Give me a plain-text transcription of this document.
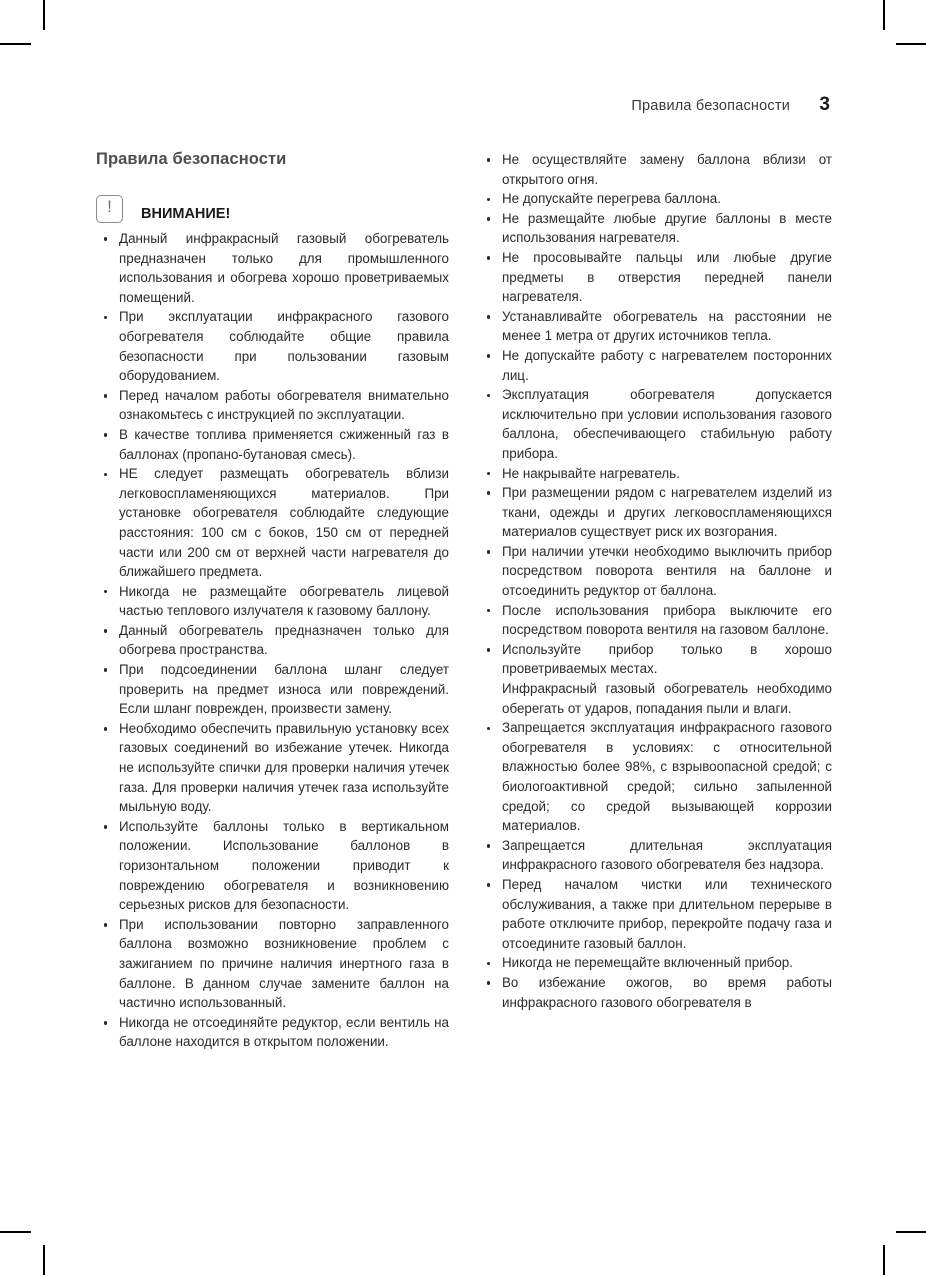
Правила безопасности 3
Правила безопасности
!	ВНИМАНИЕ!
Данный инфракрасный газовый обогреватель предназначен только для промышленного использования и обогрева хорошо проветриваемых помещений.
При эксплуатации инфракрасного газового обогревателя соблюдайте общие правила безопасности при пользовании газовым оборудованием.
Перед началом работы обогревателя внимательно ознакомьтесь с инструкцией по эксплуатации.
В качестве топлива применяется сжиженный газ в баллонах (пропано-бутановая смесь).
НЕ следует размещать обогреватель вблизи легковоспламеняющихся материалов. При установке обогревателя соблюдайте следующие расстояния: 100 см с боков, 150 см от передней части или 200 см от верхней части нагревателя до ближайшего предмета.
Никогда не размещайте обогреватель лицевой частью теплового излучателя к газовому баллону.
Данный обогреватель предназначен только для обогрева пространства.
При подсоединении баллона шланг следует проверить на предмет износа или повреждений. Если шланг поврежден, произвести замену.
Необходимо обеспечить правильную установку всех газовых соединений во избежание утечек. Никогда не используйте спички для проверки наличия утечек газа. Для проверки наличия утечек газа используйте мыльную воду.
Используйте баллоны только в вертикальном положении. Использование баллонов в горизонтальном положении приводит к повреждению обогревателя и возникновению серьезных рисков для безопасности.
При использовании повторно заправленного баллона возможно возникновение проблем с зажиганием по причине наличия инертного газа в баллоне. В данном случае замените баллон на частично использованный.
Никогда не отсоединяйте редуктор, если вентиль на баллоне находится в открытом положении.
Не осуществляйте замену баллона вблизи от открытого огня.
Не допускайте перегрева баллона.
Не размещайте любые другие баллоны в месте использования нагревателя.
Не просовывайте пальцы или любые другие предметы в отверстия передней панели нагревателя.
Устанавливайте обогреватель на расстоянии не менее 1 метра от других источников тепла.
Не допускайте работу с нагревателем посторонних лиц.
Эксплуатация обогревателя допускается исключительно при условии использования газового баллона, обеспечивающего стабильную работу прибора.
Не накрывайте нагреватель.
При размещении рядом с нагревателем изделий из ткани, одежды и других легковоспламеняющихся материалов существует риск их возгорания.
При наличии утечки необходимо выключить прибор посредством поворота вентиля на баллоне и отсоединить редуктор от баллона.
После использования прибора выключите его посредством поворота вентиля на газовом баллоне.
Используйте прибор только в хорошо проветриваемых местах.
Инфракрасный газовый обогреватель необходимо оберегать от ударов, попадания пыли и влаги.
Запрещается эксплуатация инфракрасного газового обогревателя в условиях: с относительной влажностью более 98%, с взрывоопасной средой; с биологоактивной средой; сильно запыленной средой; со средой вызывающей коррозии материалов.
Запрещается длительная эксплуатация инфракрасного газового обогревателя без надзора.
Перед началом чистки или технического обслуживания, а также при длительном перерыве в работе отключите прибор, перекройте подачу газа и отсоедините газовый баллон.
Никогда не перемещайте включенный прибор.
Во избежание ожогов, во время работы инфракрасного газового обогревателя в
